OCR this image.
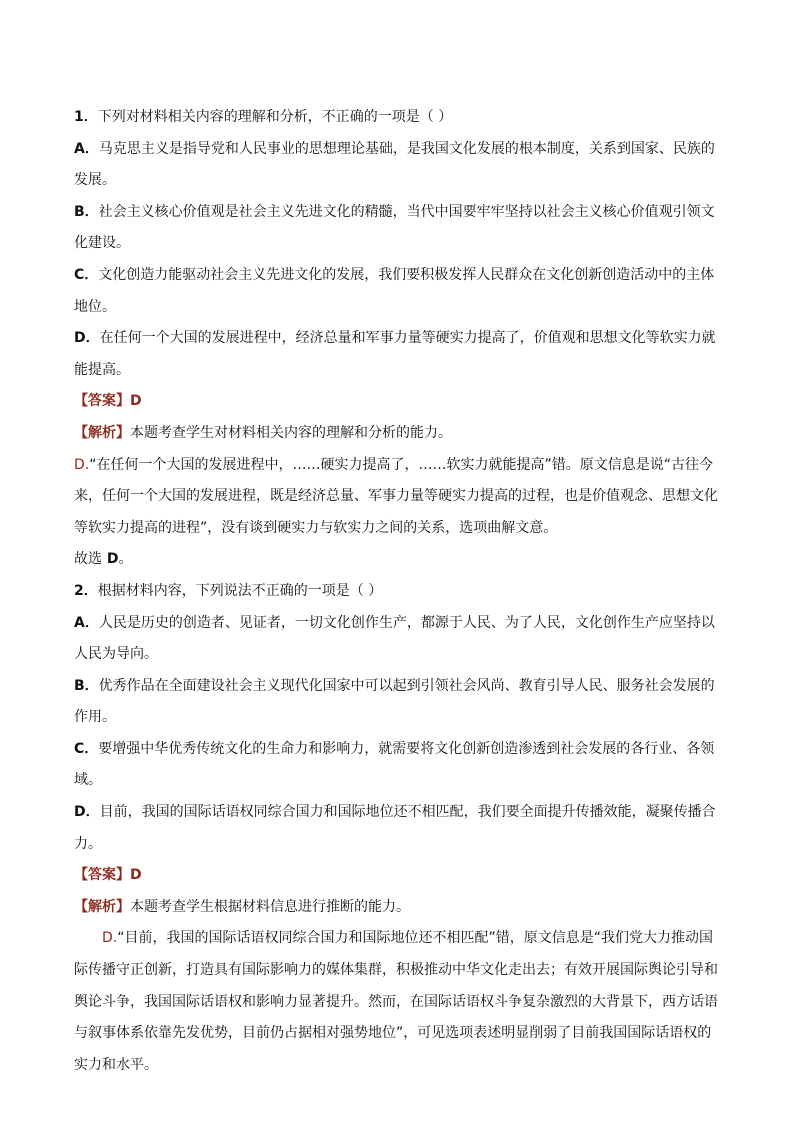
1．下列对材料相关内容的理解和分析，不正确的一项是（ ）

A．马克思主义是指导党和人民事业的思想理论基础，是我国文化发展的根本制度，关系到国家、民族的发展。

B．社会主义核心价值观是社会主义先进文化的精髓，当代中国要牢牢坚持以社会主义核心价值观引领文化建设。

C．文化创造力能驱动社会主义先进文化的发展，我们要积极发挥人民群众在文化创新创造活动中的主体地位。

D．在任何一个大国的发展进程中，经济总量和军事力量等硬实力提高了，价值观和思想文化等软实力就能提高。

【答案】D

【解析】本题考查学生对材料相关内容的理解和分析的能力。

D.“在任何一个大国的发展进程中，……硬实力提高了，……软实力就能提高”错。原文信息是说“古往今来，任何一个大国的发展进程，既是经济总量、军事力量等硬实力提高的过程，也是价值观念、思想文化等软实力提高的进程”，没有谈到硬实力与软实力之间的关系，选项曲解文意。

故选 D。

2．根据材料内容，下列说法不正确的一项是（ ）

A．人民是历史的创造者、见证者，一切文化创作生产，都源于人民、为了人民，文化创作生产应坚持以人民为导向。

B．优秀作品在全面建设社会主义现代化国家中可以起到引领社会风尚、教育引导人民、服务社会发展的作用。

C．要增强中华优秀传统文化的生命力和影响力，就需要将文化创新创造渗透到社会发展的各行业、各领域。

D．目前，我国的国际话语权同综合国力和国际地位还不相匹配，我们要全面提升传播效能，凝聚传播合力。

【答案】D

【解析】本题考查学生根据材料信息进行推断的能力。

D.“目前，我国的国际话语权同综合国力和国际地位还不相匹配”错，原文信息是“我们党大力推动国际传播守正创新，打造具有国际影响力的媒体集群，积极推动中华文化走出去；有效开展国际舆论引导和舆论斗争，我国国际话语权和影响力显著提升。然而，在国际话语权斗争复杂激烈的大背景下，西方话语与叙事体系依靠先发优势，目前仍占据相对强势地位”，可见选项表述明显削弱了目前我国国际话语权的实力和水平。
